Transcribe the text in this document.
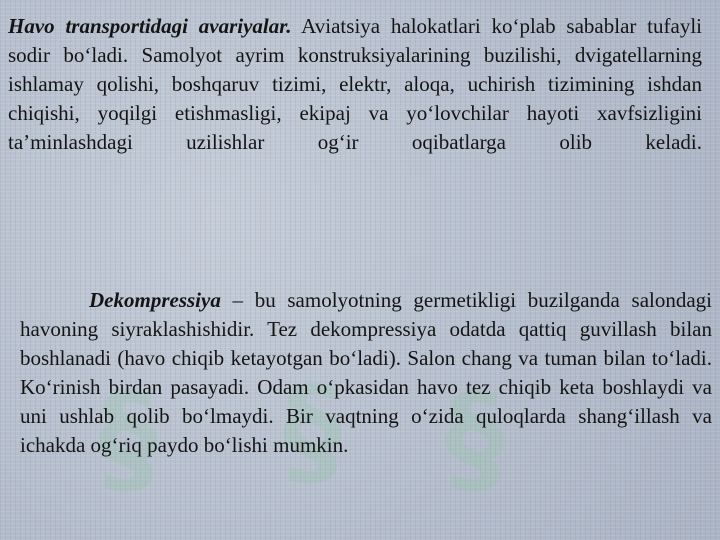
§ § §

Havo transportidagi avariyalar. Aviatsiya halokatlari ko‘plab sabablar tufayli sodir bo‘ladi. Samolyot ayrim konstruksiyalarining buzilishi, dvigatellarning ishlamay qolishi, boshqaruv tizimi, elektr, aloqa, uchirish tizimining ishdan chiqishi, yoqilgi etishmasligi, ekipaj va yo‘lovchilar hayoti xavfsizligini ta’minlashdagi uzilishlar og‘ir oqibatlarga olib keladi.

Dekompressiya – bu samolyotning germetikligi buzilganda salondagi havoning siyraklashishidir. Tez dekompressiya odatda qattiq guvillash bilan boshlanadi (havo chiqib ketayotgan bo‘ladi). Salon chang va tuman bilan to‘ladi. Ko‘rinish birdan pasayadi. Odam o‘pkasidan havo tez chiqib keta boshlaydi va uni ushlab qolib bo‘lmaydi. Bir vaqtning o‘zida quloqlarda shang‘illash va ichakda og‘riq paydo bo‘lishi mumkin.
